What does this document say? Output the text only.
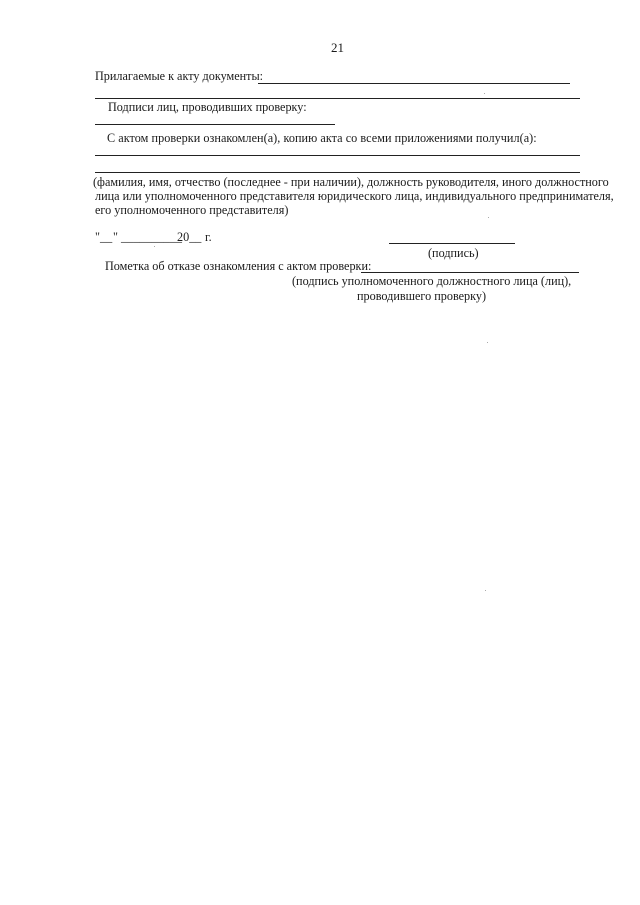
21
Прилагаемые к акту документы:
Подписи лиц, проводивших проверку:
С актом проверки ознакомлен(а), копию акта со всеми приложениями получил(а):
(фамилия, имя, отчество (последнее - при наличии), должность руководителя, иного должностного
лица или уполномоченного представителя юридического лица, индивидуального предпринимателя,
его уполномоченного представителя)
" __ " __________
20__ г.
(подпись)
Пометка об отказе ознакомления с актом проверки:
(подпись уполномоченного должностного лица (лиц),
проводившего проверку)
